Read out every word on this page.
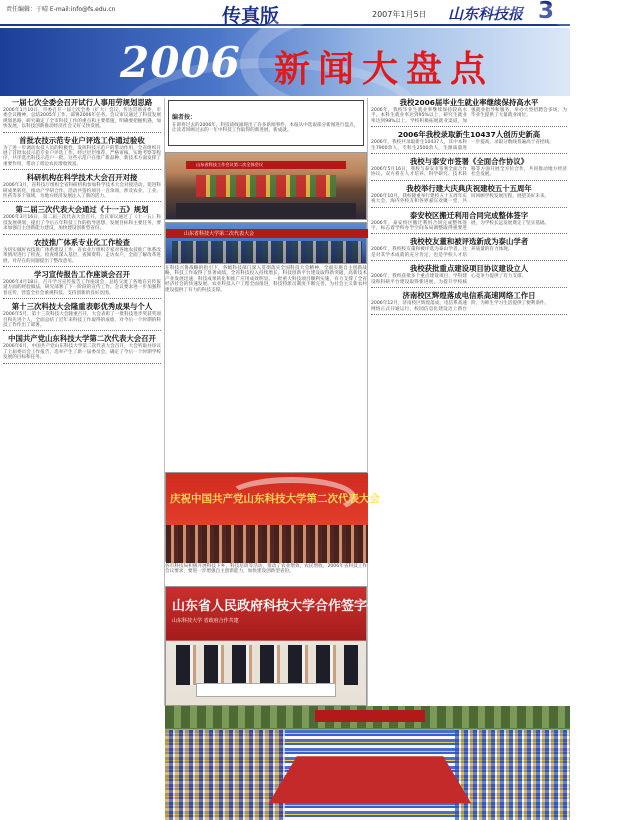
责任编辑：于晴 E-mail:info@fs.edu.cn	传真版	2007年1月5日 山东科技报 3
2006 新闻大盘点
一届七次全委会召开试行人事用劳规划思路

2006年1月10日，市委召开一届七次全委（扩大）会议，传达贯彻省委、市委会议精神，总结2005年工作，部署2006年任务。会议审议通过了科技发展规划思路，研究确定了全市科技工作的重点和主要措施，明确要把握机遇，加快发展，以科技创新推动经济社会又好又快发展。

首批农技示范专业户评选工作通过验收

为了进一步调动农技人员的积极性，发挥科技示范户的带动作用，全省组织开展了首批农技示范专业户评选工作。经过层层推荐、严格审核、实地考察等程序，共评选出科技示范户一批。这些示范户在推广新品种、新技术方面发挥了重要作用，带动了周边农民增收致富。

科研机构在科学技术大会召开对接

2006年3月，省科技厅组织全省科研机构参加科学技术大会对接活动，促进科研成果转化，推动产学研合作。活动共签约项目一百余项，涉及农业、工业、医药等多个领域，为地方经济发展注入了新的活力。

第二届三次代表大会通过《十一五》规划

2006年3月16日，第二届三次代表大会召开，会议审议通过了《十一五》科技发展规划，提出了今后五年科技工作的指导思想、发展目标和主要任务，要求加强自主创新能力建设，加快建设创新型省份。

农技推广体系专业化工作检查

为切实做好农技推广体系建设工作，省农业厅组织专家对各地农技推广体系改革情况进行了检查。检查组深入基层，查阅资料、走访农户，全面了解改革进展，对存在的问题提出了整改意见。

学习宣传报告工作座谈会召开

2006年4月18日，召开学习宣传报告工作座谈会，总结交流了各地在宣传报道方面的经验做法，研究部署了下一阶段的宣传工作。会议要求进一步加强科普宣传，营造全社会重视科技、支持创新的良好氛围。

第十三次科技大会隆重表彰优秀成果与个人

2006年5月，第十三次科技大会隆重召开，大会表彰了一批科技进步奖获奖项目和先进个人，全面总结了近年来科技工作取得的成绩，对今后一个时期的科技工作作出了部署。

中国共产党山东科技大学第二次代表大会召开

2006年6月，中国共产党山东科技大学第二次代表大会召开，大会听取并审议了上届委员会工作报告，选举产生了新一届委员会，确定了今后一个时期学校发展的目标和任务。

编者按：

在即将过去的2006年，科技战线涌现出了许多新闻事件，本报从中选取部分新闻进行盘点，让读者回顾过去的一年中科技工作取得的新进展、新成就。

山东省科技工作会议第二次全体会议
山东省科技大学第二次代表大会

在科技兴鲁战略的指引下，各级科技部门深入贯彻落实全国科技大会精神，全面实施自主创新战略，科技工作取得了显著成绩。全省科技投入持续增长，科技创新平台建设取得新突破，高新技术产业发展迅速，科技成果转化和推广应用成效明显。一批重大科技项目顺利实施，有力支撑了全省经济社会的快速发展。农业科技入户工程全面推进，科技特派员制度不断完善，为社会主义新农村建设提供了有力的科技支撑。

庆祝中国共产党山东科技大学第二次代表大会

各市科技局积极开展科技下乡、科技培训等活动，推动了农业增效、农民增收。2006年省科技工作会议要求，要进一步增强自主创新能力，加快建设创新型省份。

山东省人民政府科技大学合作签字仪式
山东科技大学 省政府合作共建
我校2006届毕业生就业率继续保持高水平

2006年，我校毕业生就业率继续保持较高水平，本科生就业率达到95%以上，研究生就业率达到98%以上。学校积极拓展就业渠道，加强就业指导和服务，举办大型招聘会多场，为毕业生提供了大量就业岗位。

2006年我校录取新生10437人创历史新高

2006年，我校共录取新生10437人，其中本科生7900余人，专科生2500余人，生源质量进一步提高，录取分数线普遍高于省控线。

我校与泰安市签署《全面合作协议》

2006年5月16日，我校与泰安市签署全面合作协议，双方将在人才培养、科学研究、技术转移等方面开展全方位合作，共同推动地方经济社会发展。

我校举行建大庆典庆祝建校五十五周年

2006年10月，我校隆重举行建校五十五周年庆祝大会，海内外校友和各界嘉宾欢聚一堂，共同回顾学校发展历程，展望美好未来。

泰安校区搬迁利用合同完成整体签字

2006年，泰安校区搬迁利用合同完成整体签字，标志着学校办学空间布局调整取得重要进展，为学校长远发展奠定了坚实基础。

我校校友董和被评选新成为泰山学者

2006年，我校校友董和被评选为泰山学者，这是对其学术成就的充分肯定，也是学校人才培养质量的有力体现。

我校获批重点建设项目协议建设立人

2006年，我校获批多个重点建设项目，学科建设和科研平台建设取得新进展，为提升学校核心竞争力提供了有力支撑。

济南校区辉煌落成电信系高速网络工作日

2006年12月，济南校区辉煌落成，电信系高速网络正式开通运行，校园信息化建设迈上新台阶，为师生学习生活提供了便利条件。
